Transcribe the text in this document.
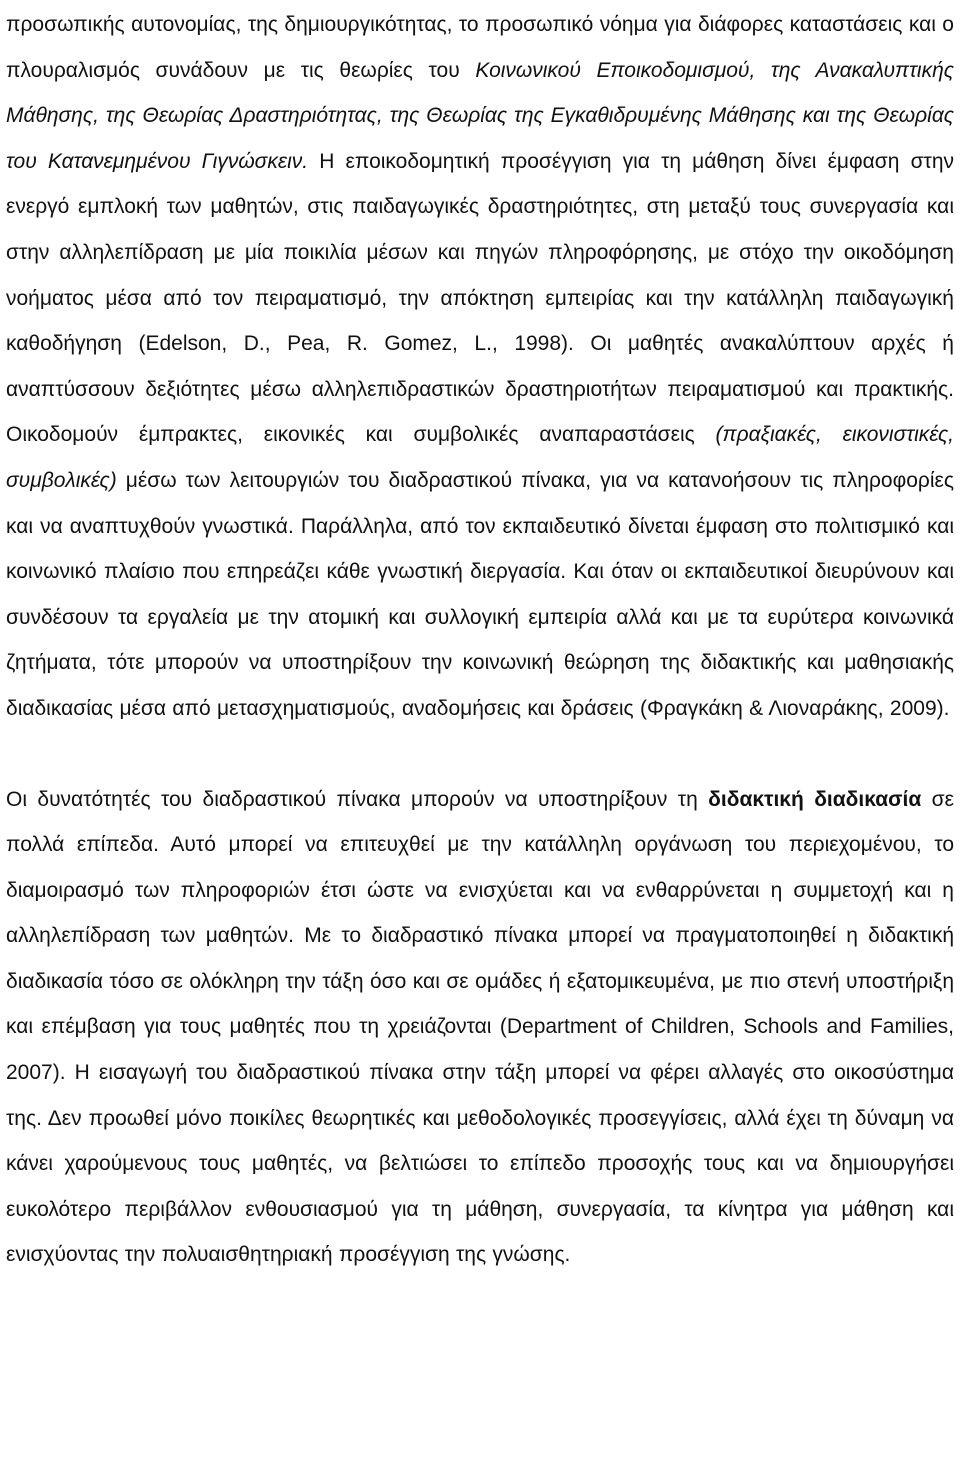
προσωπικής αυτονομίας, της δημιουργικότητας, το προσωπικό νόημα για διάφορες καταστάσεις και ο πλουραλισμός συνάδουν με τις θεωρίες του Κοινωνικού Εποικοδομισμού, της Ανακαλυπτικής Μάθησης, της Θεωρίας Δραστηριότητας, της Θεωρίας της Εγκαθιδρυμένης Μάθησης και της Θεωρίας του Κατανεμημένου Γιγνώσκειν. Η εποικοδομητική προσέγγιση για τη μάθηση δίνει έμφαση στην ενεργό εμπλοκή των μαθητών, στις παιδαγωγικές δραστηριότητες, στη μεταξύ τους συνεργασία και στην αλληλεπίδραση με μία ποικιλία μέσων και πηγών πληροφόρησης, με στόχο την οικοδόμηση νοήματος μέσα από τον πειραματισμό, την απόκτηση εμπειρίας και την κατάλληλη παιδαγωγική καθοδήγηση (Edelson, D., Pea, R. Gomez, L., 1998). Οι μαθητές ανακαλύπτουν αρχές ή αναπτύσσουν δεξιότητες μέσω αλληλεπιδραστικών δραστηριοτήτων πειραματισμού και πρακτικής. Οικοδομούν έμπρακτες, εικονικές και συμβολικές αναπαραστάσεις (πραξιακές, εικονιστικές, συμβολικές) μέσω των λειτουργιών του διαδραστικού πίνακα, για να κατανοήσουν τις πληροφορίες και να αναπτυχθούν γνωστικά. Παράλληλα, από τον εκπαιδευτικό δίνεται έμφαση στο πολιτισμικό και κοινωνικό πλαίσιο που επηρεάζει κάθε γνωστική διεργασία. Και όταν οι εκπαιδευτικοί διευρύνουν και συνδέσουν τα εργαλεία με την ατομική και συλλογική εμπειρία αλλά και με τα ευρύτερα κοινωνικά ζητήματα, τότε μπορούν να υποστηρίξουν την κοινωνική θεώρηση της διδακτικής και μαθησιακής διαδικασίας μέσα από μετασχηματισμούς, αναδομήσεις και δράσεις (Φραγκάκη & Λιοναράκης, 2009).

Οι δυνατότητές του διαδραστικού πίνακα μπορούν να υποστηρίξουν τη διδακτική διαδικασία σε πολλά επίπεδα. Αυτό μπορεί να επιτευχθεί με την κατάλληλη οργάνωση του περιεχομένου, το διαμοιρασμό των πληροφοριών έτσι ώστε να ενισχύεται και να ενθαρρύνεται η συμμετοχή και η αλληλεπίδραση των μαθητών. Με το διαδραστικό πίνακα μπορεί να πραγματοποιηθεί η διδακτική διαδικασία τόσο σε ολόκληρη την τάξη όσο και σε ομάδες ή εξατομικευμένα, με πιο στενή υποστήριξη και επέμβαση για τους μαθητές που τη χρειάζονται (Department of Children, Schools and Families, 2007). Η εισαγωγή του διαδραστικού πίνακα στην τάξη μπορεί να φέρει αλλαγές στο οικοσύστημα της. Δεν προωθεί μόνο ποικίλες θεωρητικές και μεθοδολογικές προσεγγίσεις, αλλά έχει τη δύναμη να κάνει χαρούμενους τους μαθητές, να βελτιώσει το επίπεδο προσοχής τους και να δημιουργήσει ευκολότερο περιβάλλον ενθουσιασμού για τη μάθηση, συνεργασία, τα κίνητρα για μάθηση και ενισχύοντας την πολυαισθητηριακή προσέγγιση της γνώσης.
